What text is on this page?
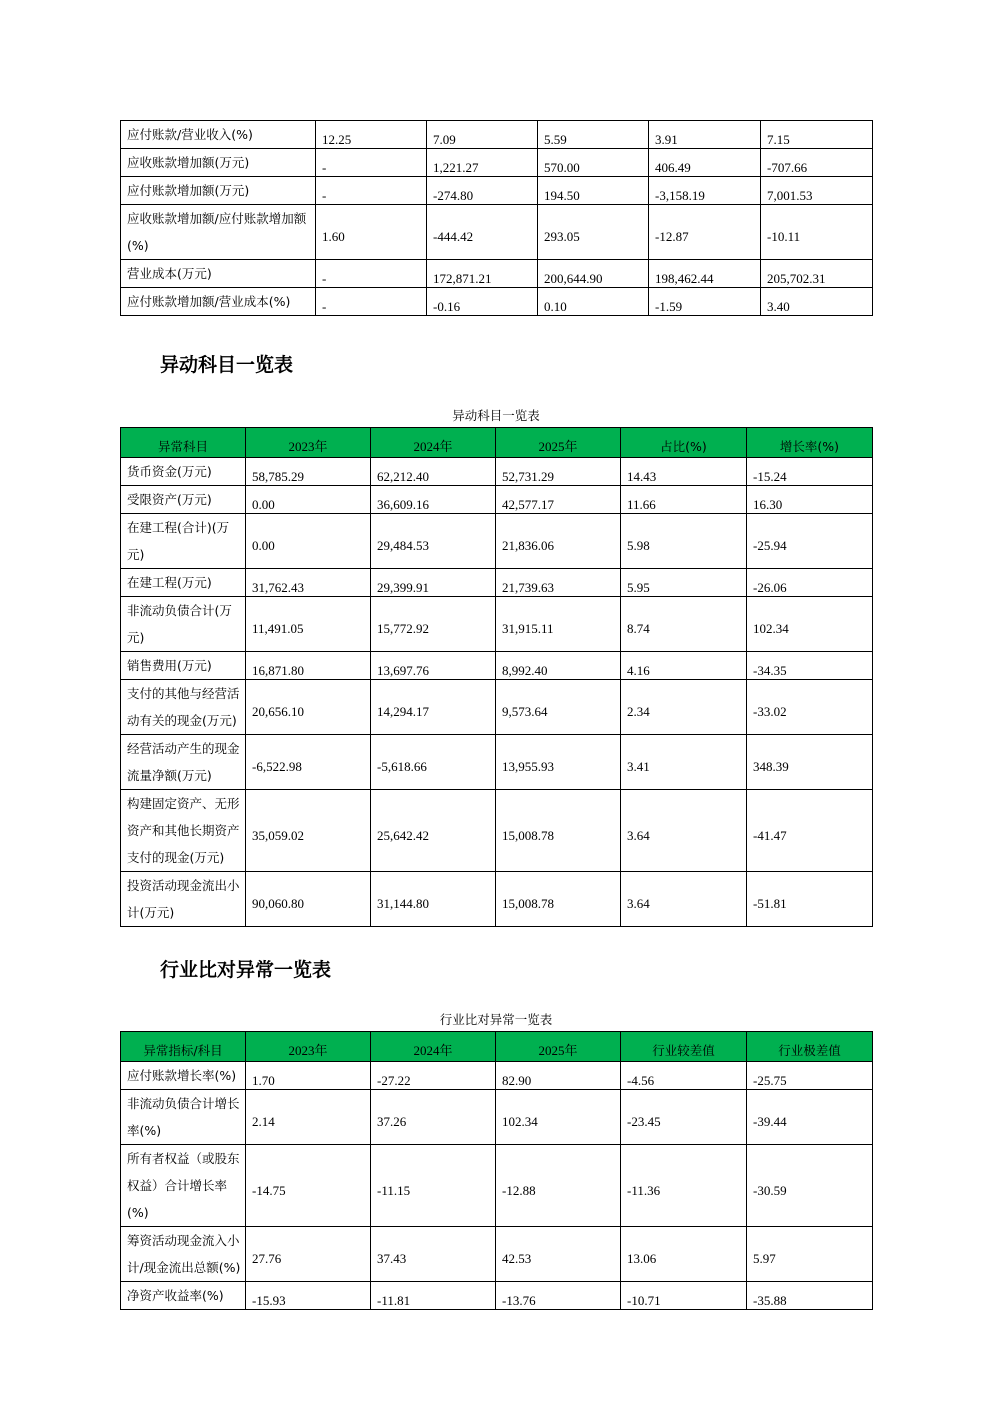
应付账款/营业收入(%)	12.25	7.09	5.59	3.91	7.15
应收账款增加额(万元)	-	1,221.27	570.00	406.49	-707.66
应付账款增加额(万元)	-	-274.80	194.50	-3,158.19	7,001.53
应收账款增加额/应付账款增加额(%)	1.60	-444.42	293.05	-12.87	-10.11
营业成本(万元)	-	172,871.21	200,644.90	198,462.44	205,702.31
应付账款增加额/营业成本(%)	-	-0.16	0.10	-1.59	3.40
异动科目一览表
异动科目一览表
异常科目	2023年	2024年	2025年	占比(%)	增长率(%)
货币资金(万元)	58,785.29	62,212.40	52,731.29	14.43	-15.24
受限资产(万元)	0.00	36,609.16	42,577.17	11.66	16.30
在建工程(合计)(万元)	0.00	29,484.53	21,836.06	5.98	-25.94
在建工程(万元)	31,762.43	29,399.91	21,739.63	5.95	-26.06
非流动负债合计(万元)	11,491.05	15,772.92	31,915.11	8.74	102.34
销售费用(万元)	16,871.80	13,697.76	8,992.40	4.16	-34.35
支付的其他与经营活动有关的现金(万元)	20,656.10	14,294.17	9,573.64	2.34	-33.02
经营活动产生的现金流量净额(万元)	-6,522.98	-5,618.66	13,955.93	3.41	348.39
构建固定资产、无形资产和其他长期资产支付的现金(万元)	35,059.02	25,642.42	15,008.78	3.64	-41.47
投资活动现金流出小计(万元)	90,060.80	31,144.80	15,008.78	3.64	-51.81
行业比对异常一览表
行业比对异常一览表
异常指标/科目	2023年	2024年	2025年	行业较差值	行业极差值
应付账款增长率(%)	1.70	-27.22	82.90	-4.56	-25.75
非流动负债合计增长率(%)	2.14	37.26	102.34	-23.45	-39.44
所有者权益（或股东权益）合计增长率(%)	-14.75	-11.15	-12.88	-11.36	-30.59
筹资活动现金流入小计/现金流出总额(%)	27.76	37.43	42.53	13.06	5.97
净资产收益率(%)	-15.93	-11.81	-13.76	-10.71	-35.88
